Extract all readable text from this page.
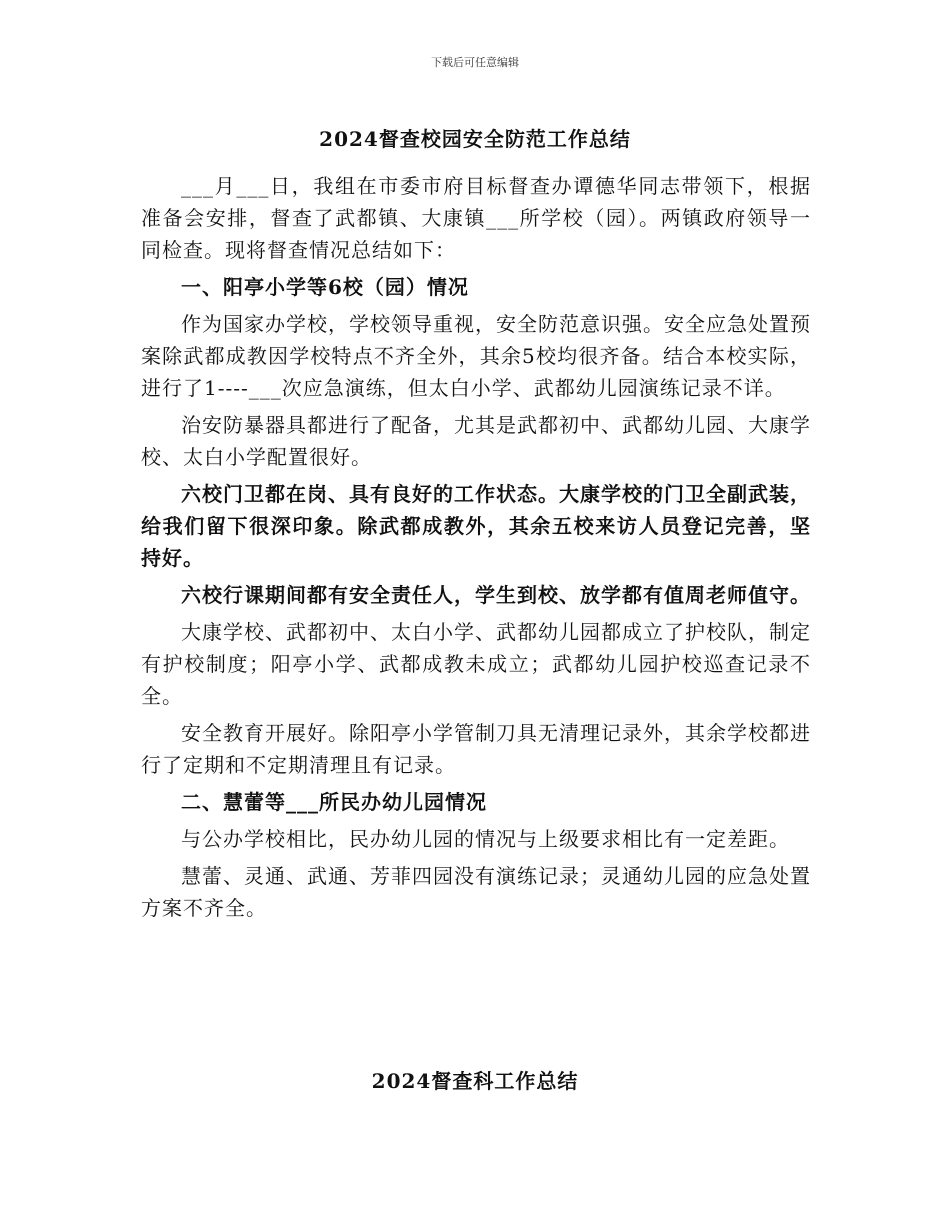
下载后可任意编辑
2024督查校园安全防范工作总结

___月___日，我组在市委市府目标督查办谭德华同志带领下，根据准备会安排，督查了武都镇、大康镇___所学校（园）。两镇政府领导一同检查。现将督查情况总结如下：

一、阳亭小学等6校（园）情况

作为国家办学校，学校领导重视，安全防范意识强。安全应急处置预案除武都成教因学校特点不齐全外，其余5校均很齐备。结合本校实际，进行了1----___次应急演练，但太白小学、武都幼儿园演练记录不详。

治安防暴器具都进行了配备，尤其是武都初中、武都幼儿园、大康学校、太白小学配置很好。

六校门卫都在岗、具有良好的工作状态。大康学校的门卫全副武装，给我们留下很深印象。除武都成教外，其余五校来访人员登记完善，坚持好。

六校行课期间都有安全责任人，学生到校、放学都有值周老师值守。

大康学校、武都初中、太白小学、武都幼儿园都成立了护校队，制定有护校制度；阳亭小学、武都成教未成立；武都幼儿园护校巡查记录不全。

安全教育开展好。除阳亭小学管制刀具无清理记录外，其余学校都进行了定期和不定期清理且有记录。

二、慧蕾等___所民办幼儿园情况

与公办学校相比，民办幼儿园的情况与上级要求相比有一定差距。

慧蕾、灵通、武通、芳菲四园没有演练记录；灵通幼儿园的应急处置方案不齐全。

2024督查科工作总结
